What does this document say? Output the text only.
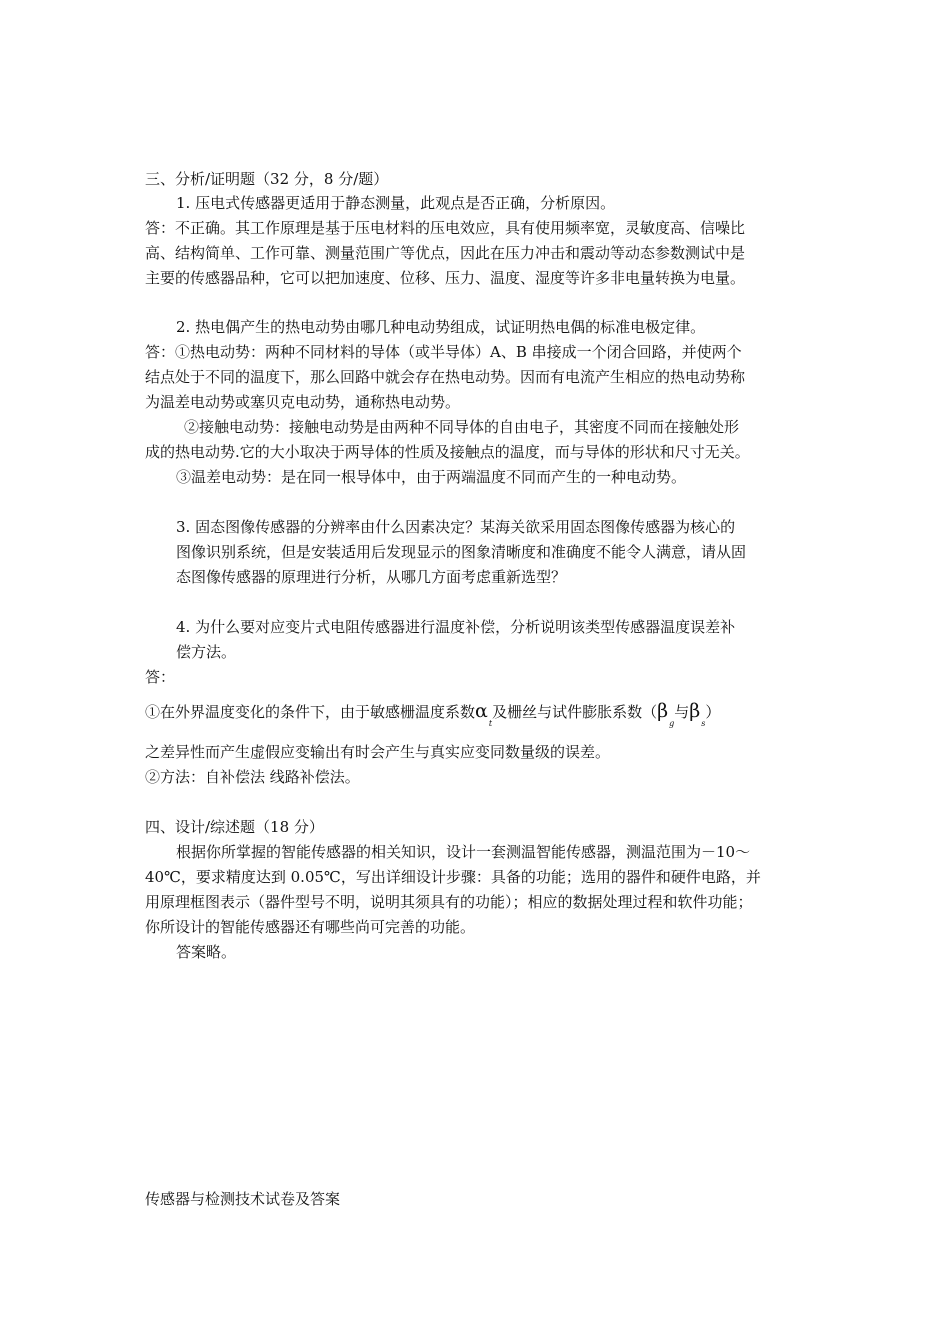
三、分析/证明题（32 分，8 分/题）
1. 压电式传感器更适用于静态测量，此观点是否正确，分析原因。
答：不正确。其工作原理是基于压电材料的压电效应，具有使用频率宽，灵敏度高、信噪比
高、结构简单、工作可靠、测量范围广等优点，因此在压力冲击和震动等动态参数测试中是
主要的传感器品种，它可以把加速度、位移、压力、温度、湿度等许多非电量转换为电量。
2. 热电偶产生的热电动势由哪几种电动势组成，试证明热电偶的标准电极定律。
答：①热电动势：两种不同材料的导体（或半导体）A、B 串接成一个闭合回路，并使两个
结点处于不同的温度下，那么回路中就会存在热电动势。因而有电流产生相应的热电动势称
为温差电动势或塞贝克电动势，通称热电动势。
②接触电动势：接触电动势是由两种不同导体的自由电子，其密度不同而在接触处形
成的热电动势.它的大小取决于两导体的性质及接触点的温度，而与导体的形状和尺寸无关。
③温差电动势：是在同一根导体中，由于两端温度不同而产生的一种电动势。
3. 固态图像传感器的分辨率由什么因素决定？某海关欲采用固态图像传感器为核心的
图像识别系统，但是安装适用后发现显示的图象清晰度和准确度不能令人满意，请从固
态图像传感器的原理进行分析，从哪几方面考虑重新选型？
4. 为什么要对应变片式电阻传感器进行温度补偿，分析说明该类型传感器温度误差补
偿方法。
答：
①在外界温度变化的条件下，由于敏感栅温度系数$\alpha_t$及栅丝与试件膨胀系数（$\beta_g$与$\beta_s$）
之差异性而产生虚假应变输出有时会产生与真实应变同数量级的误差。
②方法：自补偿法 线路补偿法。
四、设计/综述题（18 分）
根据你所掌握的智能传感器的相关知识，设计一套测温智能传感器，测温范围为－10～
40℃，要求精度达到 0.05℃，写出详细设计步骤：具备的功能；选用的器件和硬件电路，并
用原理框图表示（器件型号不明，说明其须具有的功能）；相应的数据处理过程和软件功能；
你所设计的智能传感器还有哪些尚可完善的功能。
答案略。
传感器与检测技术试卷及答案
